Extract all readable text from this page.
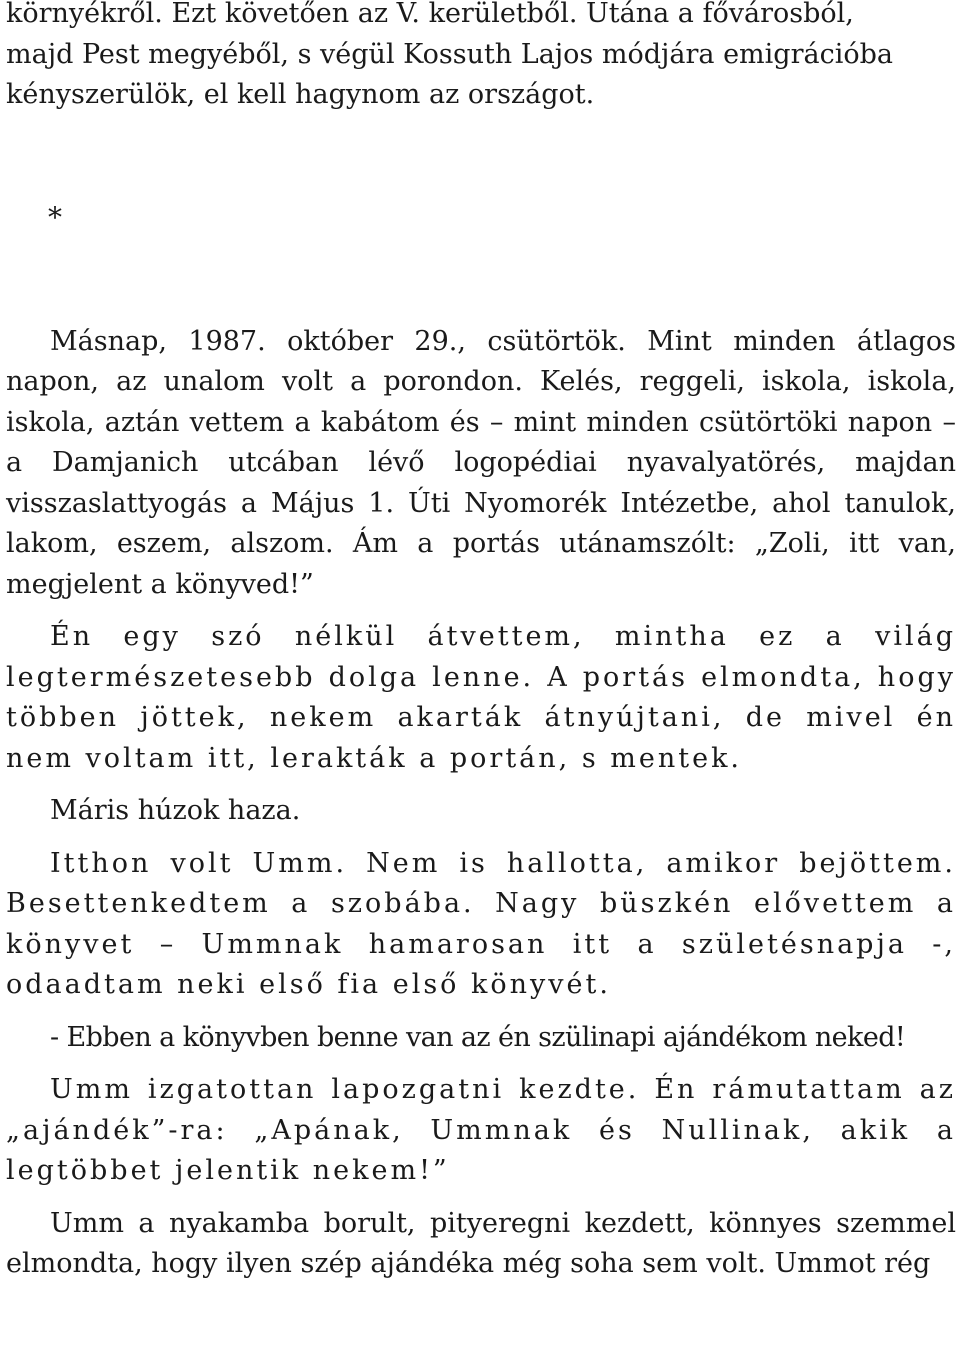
környékről. Ezt követően az V. kerületből. Utána a fővárosból,
majd Pest megyéből, s végül Kossuth Lajos módjára emigrációba
kényszerülök, el kell hagynom az országot.

*

Másnap, 1987. október 29., csütörtök. Mint minden átlagos napon, az unalom volt a porondon. Kelés, reggeli, iskola, iskola, iskola, aztán vettem a kabátom és – mint minden csütörtöki napon – a Damjanich utcában lévő logopédiai nyavalyatörés, majdan visszaslattyogás a Május 1. Úti Nyomorék Intézetbe, ahol tanulok, lakom, eszem, alszom. Ám a portás utánamszólt: „Zoli, itt van, megjelent a könyved!”

Én egy szó nélkül átvettem, mintha ez a világ legtermészetesebb dolga lenne. A portás elmondta, hogy többen jöttek, nekem akarták átnyújtani, de mivel én nem voltam itt, lerakták a portán, s mentek.

Máris húzok haza.

Itthon volt Umm. Nem is hallotta, amikor bejöttem. Besettenkedtem a szobába. Nagy büszkén elővettem a könyvet – Ummnak hamarosan itt a születésnapja -, odaadtam neki első fia első könyvét.

- Ebben a könyvben benne van az én szülinapi ajándékom neked!

Umm izgatottan lapozgatni kezdte. Én rámutattam az „ajándék”-ra: „Apának, Ummnak és Nullinak, akik a legtöbbet jelentik nekem!”

Umm a nyakamba borult, pityeregni kezdett, könnyes szemmel elmondta, hogy ilyen szép ajándéka még soha sem volt. Ummot rég
